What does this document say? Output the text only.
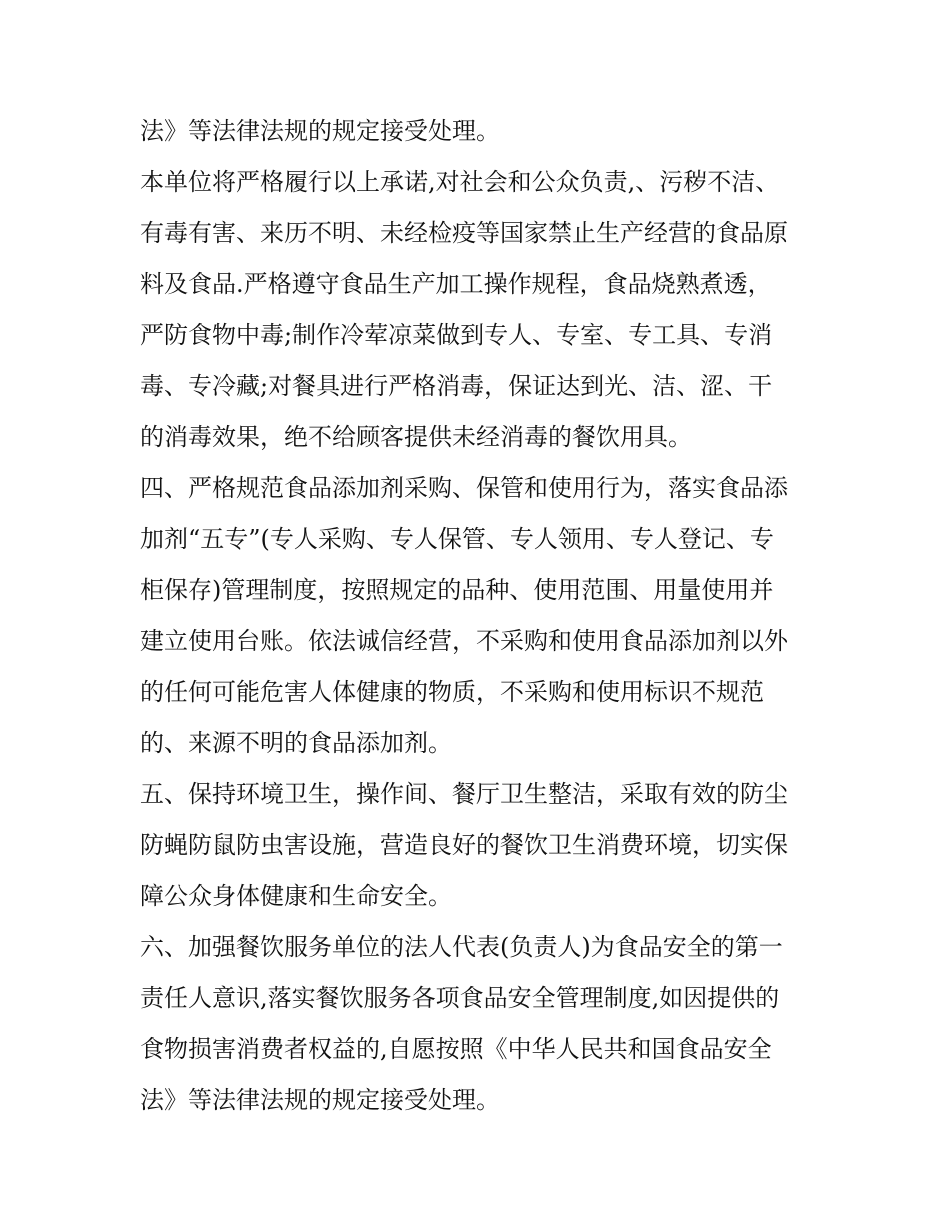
法》等法律法规的规定接受处理。
本单位将严格履行以上承诺,对社会和公众负责,、污秽不洁、
有毒有害、来历不明、未经检疫等国家禁止生产经营的食品原
料及食品.严格遵守食品生产加工操作规程，食品烧熟煮透，
严防食物中毒;制作冷荤凉菜做到专人、专室、专工具、专消
毒、专冷藏;对餐具进行严格消毒，保证达到光、洁、涩、干
的消毒效果，绝不给顾客提供未经消毒的餐饮用具。
四、严格规范食品添加剂采购、保管和使用行为，落实食品添
加剂“五专”(专人采购、专人保管、专人领用、专人登记、专
柜保存)管理制度，按照规定的品种、使用范围、用量使用并
建立使用台账。依法诚信经营，不采购和使用食品添加剂以外
的任何可能危害人体健康的物质，不采购和使用标识不规范
的、来源不明的食品添加剂。
五、保持环境卫生，操作间、餐厅卫生整洁，采取有效的防尘
防蝇防鼠防虫害设施，营造良好的餐饮卫生消费环境，切实保
障公众身体健康和生命安全。
六、加强餐饮服务单位的法人代表(负责人)为食品安全的第一
责任人意识,落实餐饮服务各项食品安全管理制度,如因提供的
食物损害消费者权益的,自愿按照《中华人民共和国食品安全
法》等法律法规的规定接受处理。
